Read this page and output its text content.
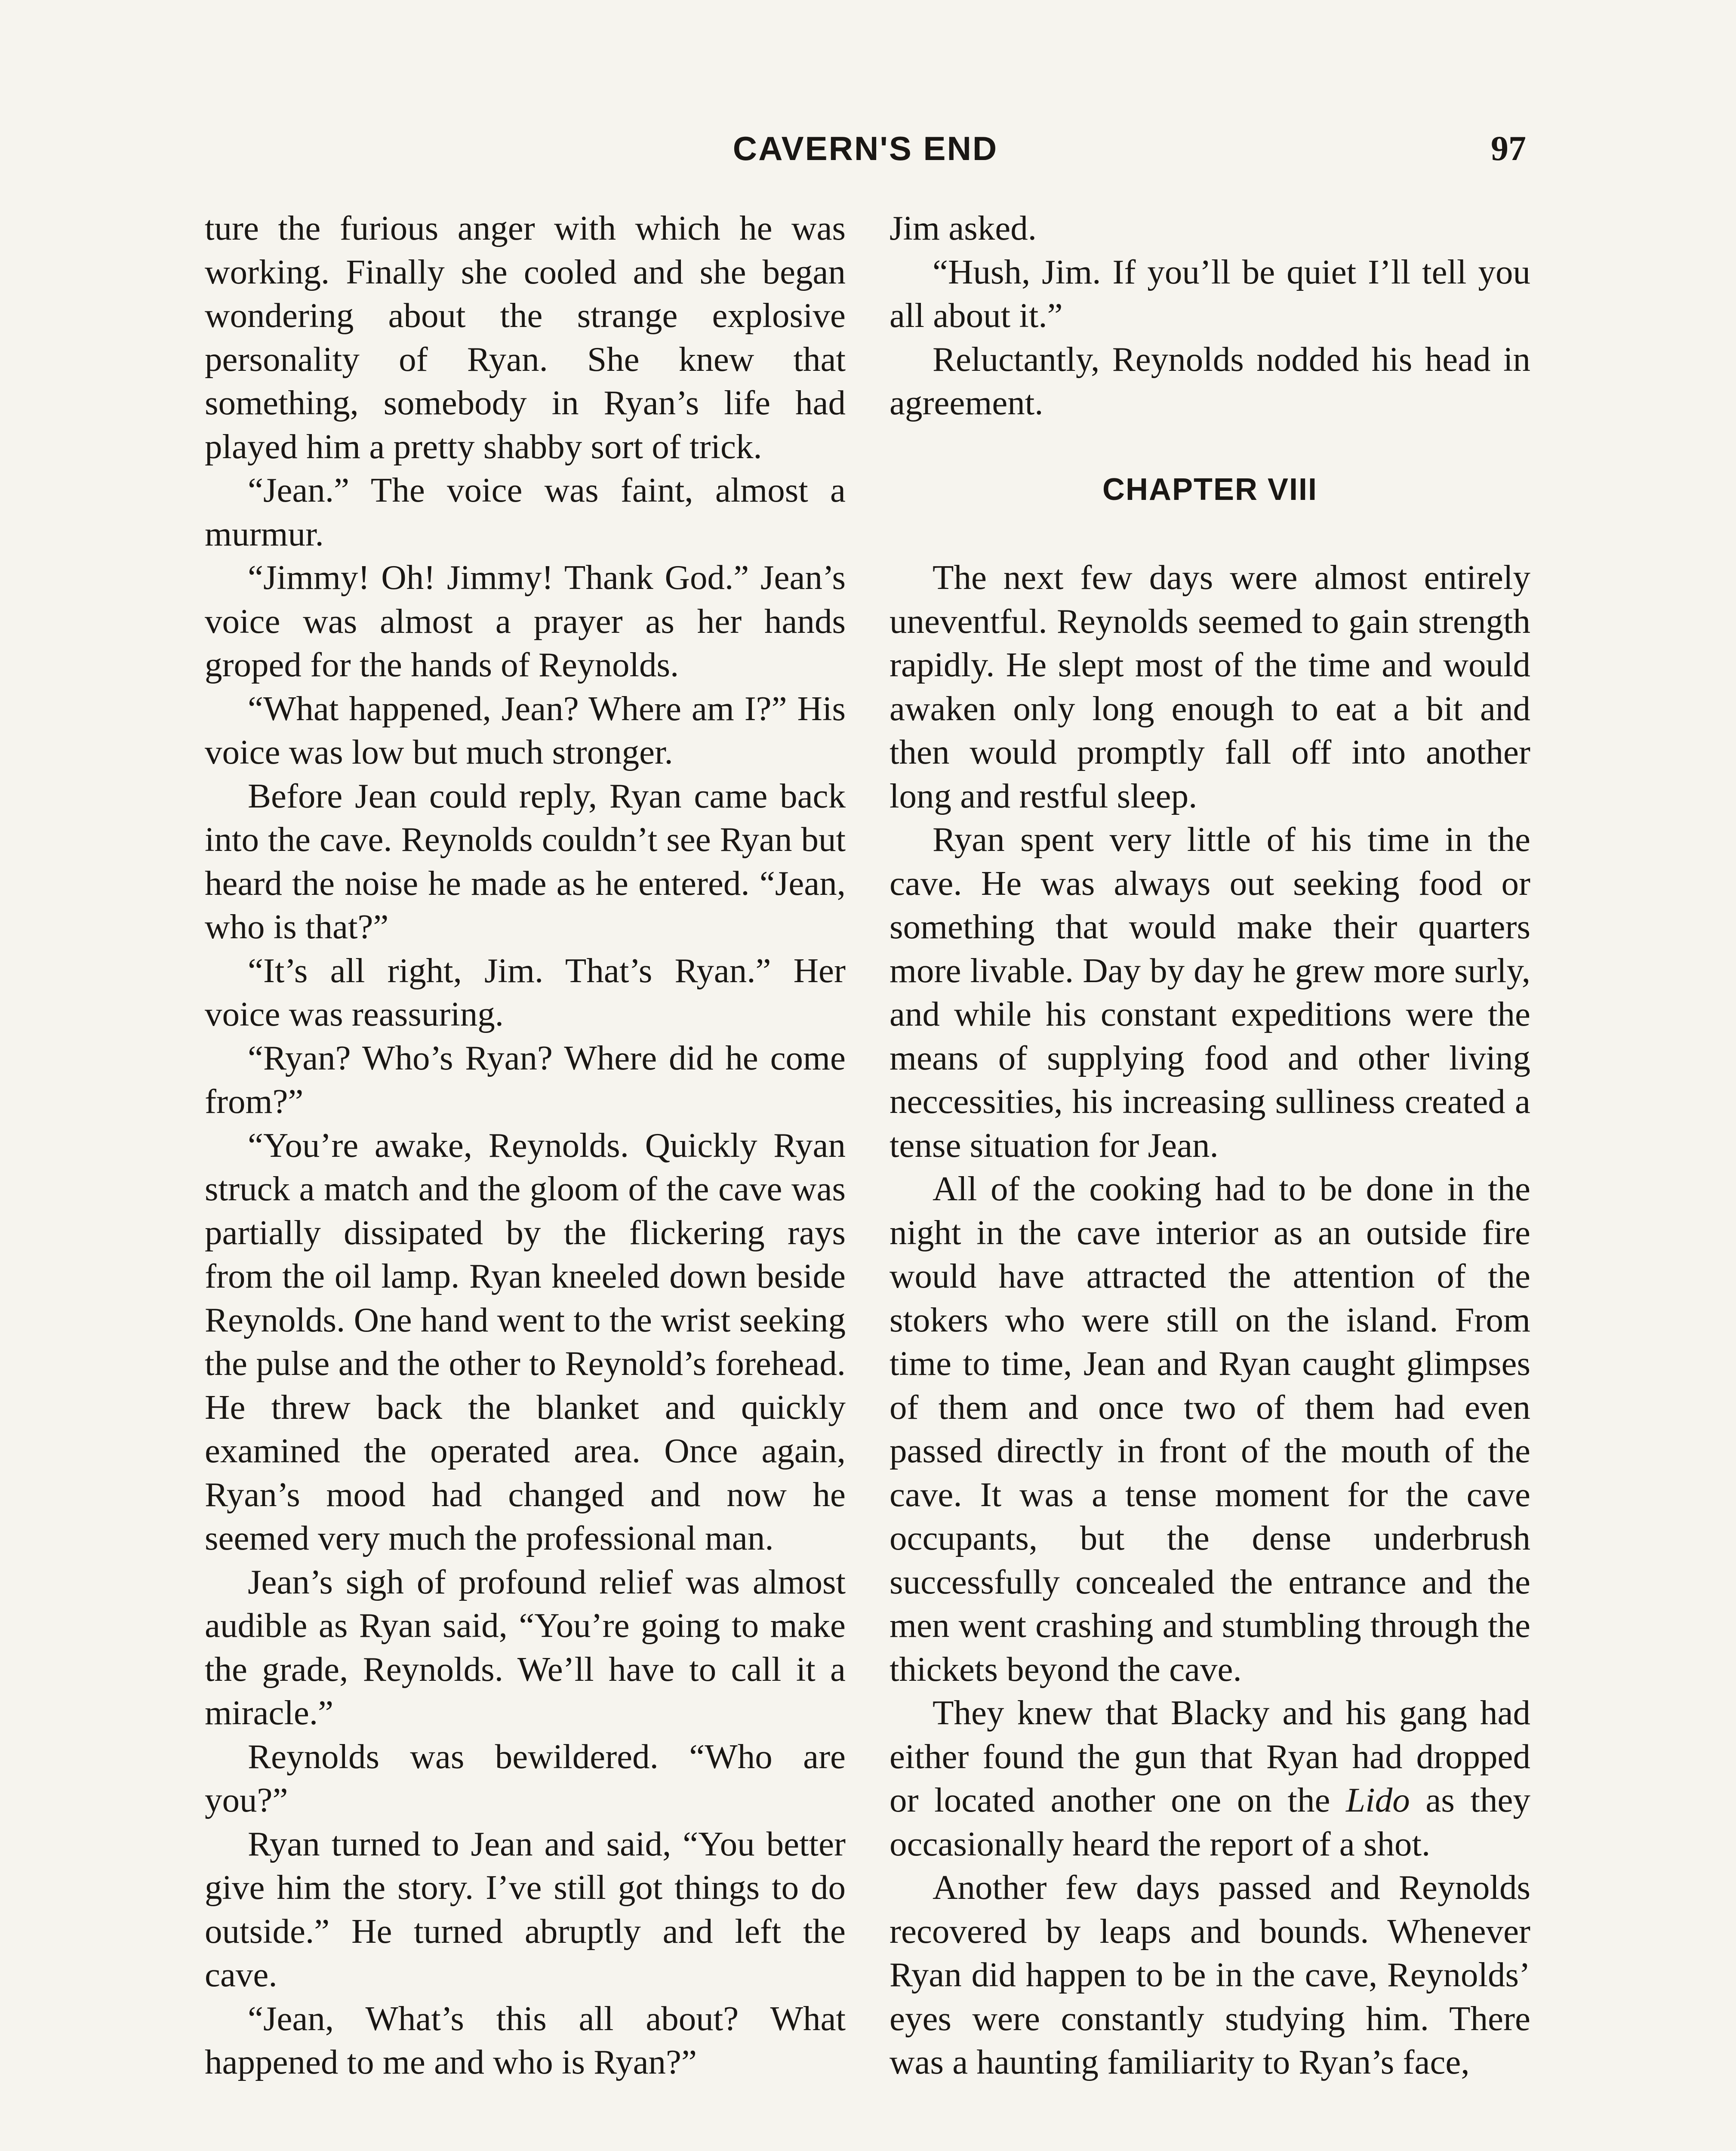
CAVERN'S END	97

ture the furious anger with which he was working. Finally she cooled and she began wondering about the strange explosive personality of Ryan. She knew that something, somebody in Ryan’s life had played him a pretty shabby sort of trick.

“Jean.” The voice was faint, almost a murmur.

“Jimmy! Oh! Jimmy! Thank God.” Jean’s voice was almost a prayer as her hands groped for the hands of Reynolds.

“What happened, Jean? Where am I?” His voice was low but much stronger.

Before Jean could reply, Ryan came back into the cave. Reynolds couldn’t see Ryan but heard the noise he made as he entered. “Jean, who is that?”

“It’s all right, Jim. That’s Ryan.” Her voice was reassuring.

“Ryan? Who’s Ryan? Where did he come from?”

“You’re awake, Reynolds. Quickly Ryan struck a match and the gloom of the cave was partially dissipated by the flickering rays from the oil lamp. Ryan kneeled down beside Reynolds. One hand went to the wrist seeking the pulse and the other to Reynold’s forehead. He threw back the blanket and quickly examined the operated area. Once again, Ryan’s mood had changed and now he seemed very much the professional man.

Jean’s sigh of profound relief was almost audible as Ryan said, “You’re going to make the grade, Reynolds. We’ll have to call it a miracle.”

Reynolds was bewildered. “Who are you?”

Ryan turned to Jean and said, “You better give him the story. I’ve still got things to do outside.” He turned abruptly and left the cave.

“Jean, What’s this all about? What happened to me and who is Ryan?”

Jim asked.

“Hush, Jim. If you’ll be quiet I’ll tell you all about it.”

Reluctantly, Reynolds nodded his head in agreement.

CHAPTER VIII

The next few days were almost entirely uneventful. Reynolds seemed to gain strength rapidly. He slept most of the time and would awaken only long enough to eat a bit and then would promptly fall off into another long and restful sleep.

Ryan spent very little of his time in the cave. He was always out seeking food or something that would make their quarters more livable. Day by day he grew more surly, and while his constant expeditions were the means of supplying food and other living neccessities, his increasing sulliness created a tense situation for Jean.

All of the cooking had to be done in the night in the cave interior as an outside fire would have attracted the attention of the stokers who were still on the island. From time to time, Jean and Ryan caught glimpses of them and once two of them had even passed directly in front of the mouth of the cave. It was a tense moment for the cave occupants, but the dense underbrush successfully concealed the entrance and the men went crashing and stumbling through the thickets beyond the cave.

They knew that Blacky and his gang had either found the gun that Ryan had dropped or located another one on the Lido as they occasionally heard the report of a shot.

Another few days passed and Reynolds recovered by leaps and bounds. Whenever Ryan did happen to be in the cave, Reynolds’ eyes were constantly studying him. There was a haunting familiarity to Ryan’s face,
